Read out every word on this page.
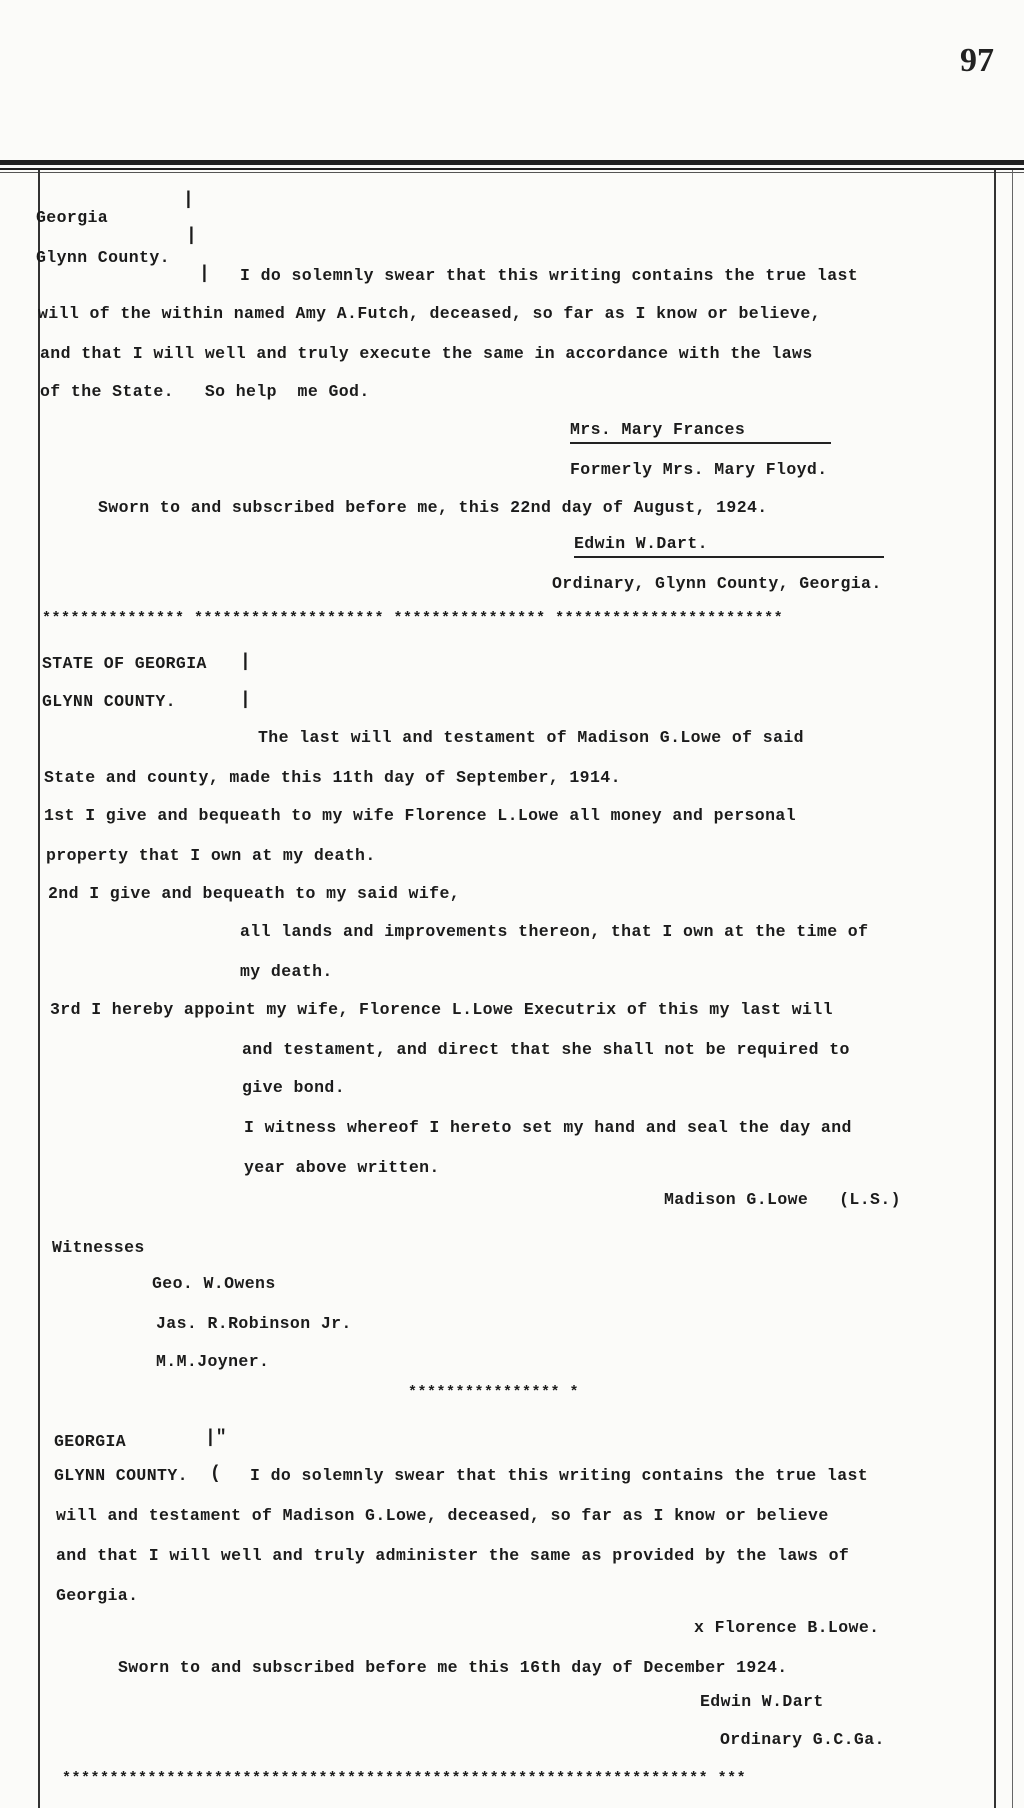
97
|
Georgia
|
Glynn County.
| I do solemnly swear that this writing contains the true last
will of the within named Amy A.Futch, deceased, so far as I know or believe,
and that I will well and truly execute the same in accordance with the laws
of the State.   So help  me God.
Mrs. Mary Frances
Formerly Mrs. Mary Floyd.
Sworn to and subscribed before me, this 22nd day of August, 1924.
Edwin W.Dart.
Ordinary, Glynn County, Georgia.
*************** ******************** **************** ************************
STATE OF GEORGIA |
GLYNN COUNTY.	|
The last will and testament of Madison G.Lowe of said
State and county, made this 11th day of September, 1914.
1st I give and bequeath to my wife Florence L.Lowe all money and personal
property that I own at my death.
2nd I give and bequeath to my said wife,
all lands and improvements thereon, that I own at the time of
my death.
3rd I hereby appoint my wife, Florence L.Lowe Executrix of this my last will
and testament, and direct that she shall not be required to
give bond.
I witness whereof I hereto set my hand and seal the day and
year above written.
Madison G.Lowe   (L.S.)
Witnesses
Geo. W.Owens
Jas. R.Robinson Jr.
M.M.Joyner.
**************** *
GEORGIA	|"
GLYNN COUNTY. ( I do solemnly swear that this writing contains the true last
will and testament of Madison G.Lowe, deceased, so far as I know or believe
and that I will well and truly administer the same as provided by the laws of
Georgia.
x Florence B.Lowe.
Sworn to and subscribed before me this 16th day of December 1924.
Edwin W.Dart
Ordinary G.C.Ga.
******************************************************************** ***
